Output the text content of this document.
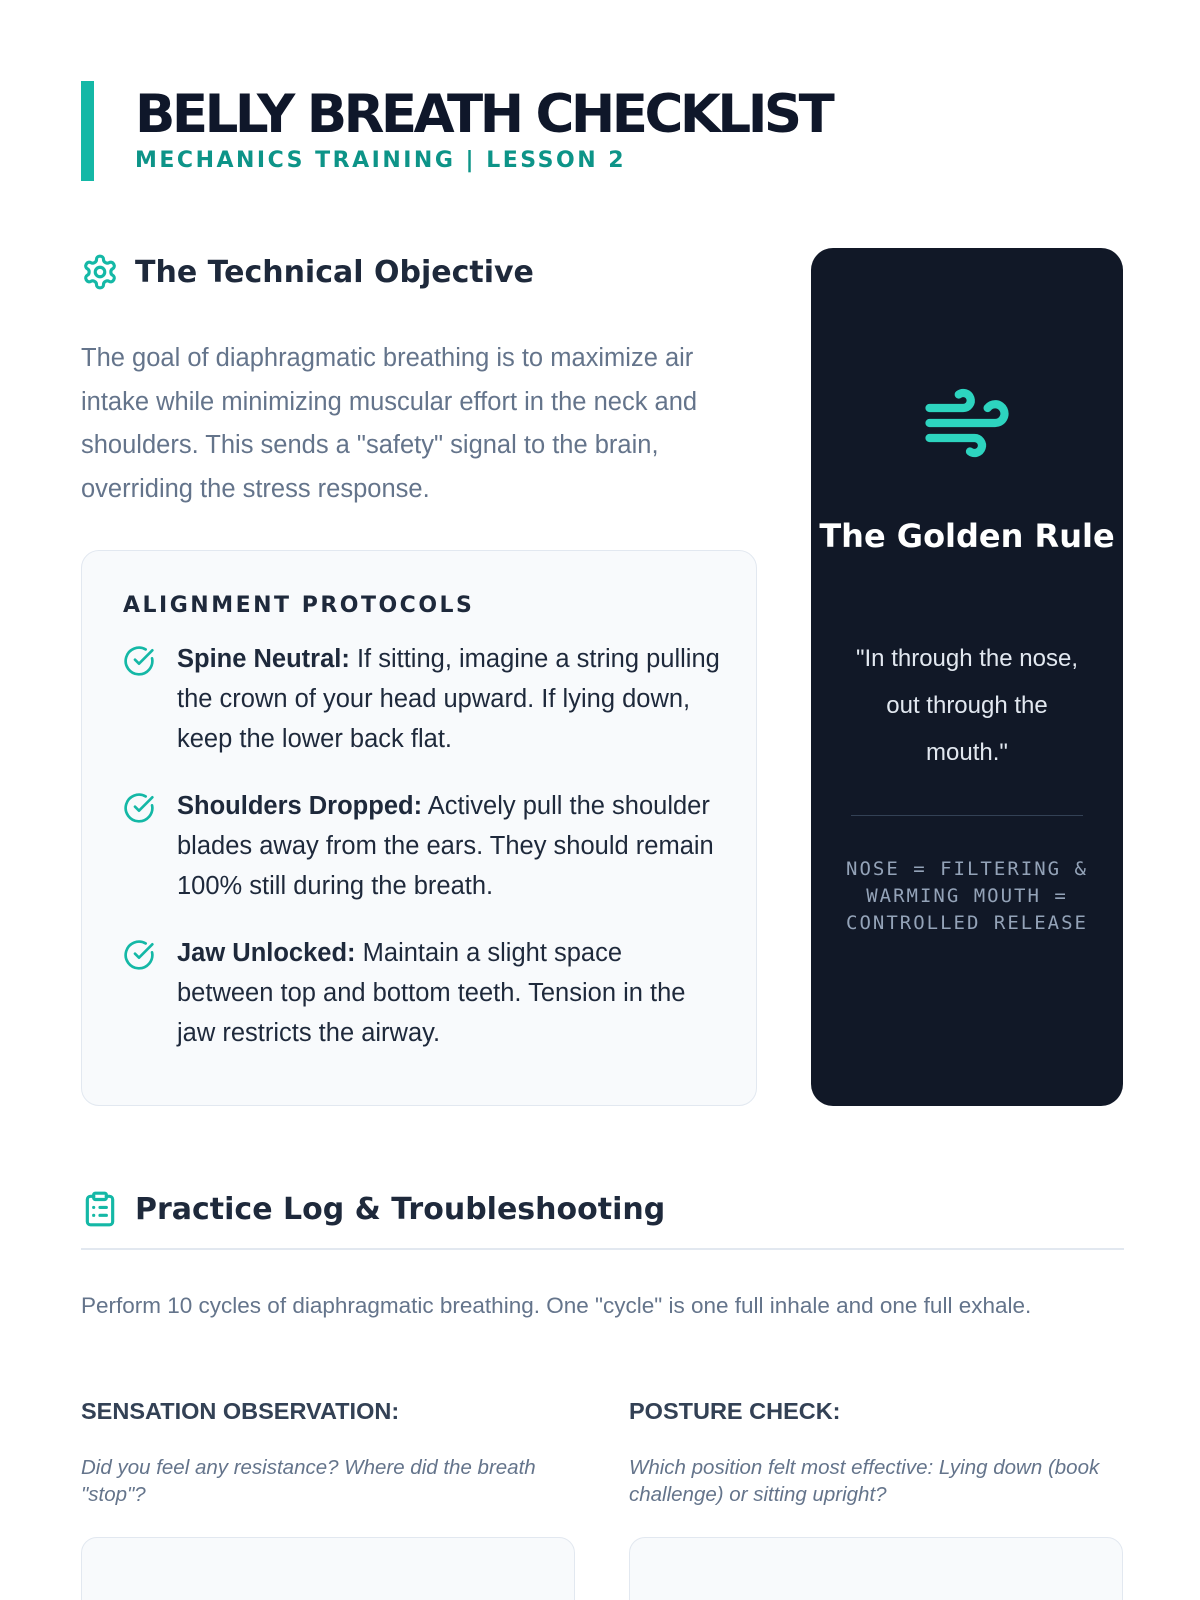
BELLY BREATH CHECKLIST
MECHANICS TRAINING | LESSON 2
The Technical Objective

The goal of diaphragmatic breathing is to maximize air intake while minimizing muscular effort in the neck and shoulders. This sends a "safety" signal to the brain, overriding the stress response.

ALIGNMENT PROTOCOLS

Spine Neutral: If sitting, imagine a string pulling the crown of your head upward. If lying down, keep the lower back flat.

Shoulders Dropped: Actively pull the shoulder blades away from the ears. They should remain 100% still during the breath.

Jaw Unlocked: Maintain a slight space between top and bottom teeth. Tension in the jaw restricts the airway.

The Golden Rule

"In through the nose, out through the mouth."

NOSE = FILTERING & WARMING MOUTH = CONTROLLED RELEASE

Practice Log & Troubleshooting

Perform 10 cycles of diaphragmatic breathing. One "cycle" is one full inhale and one full exhale.

SENSATION OBSERVATION:

Did you feel any resistance? Where did the breath "stop"?

POSTURE CHECK:

Which position felt most effective: Lying down (book challenge) or sitting upright?
